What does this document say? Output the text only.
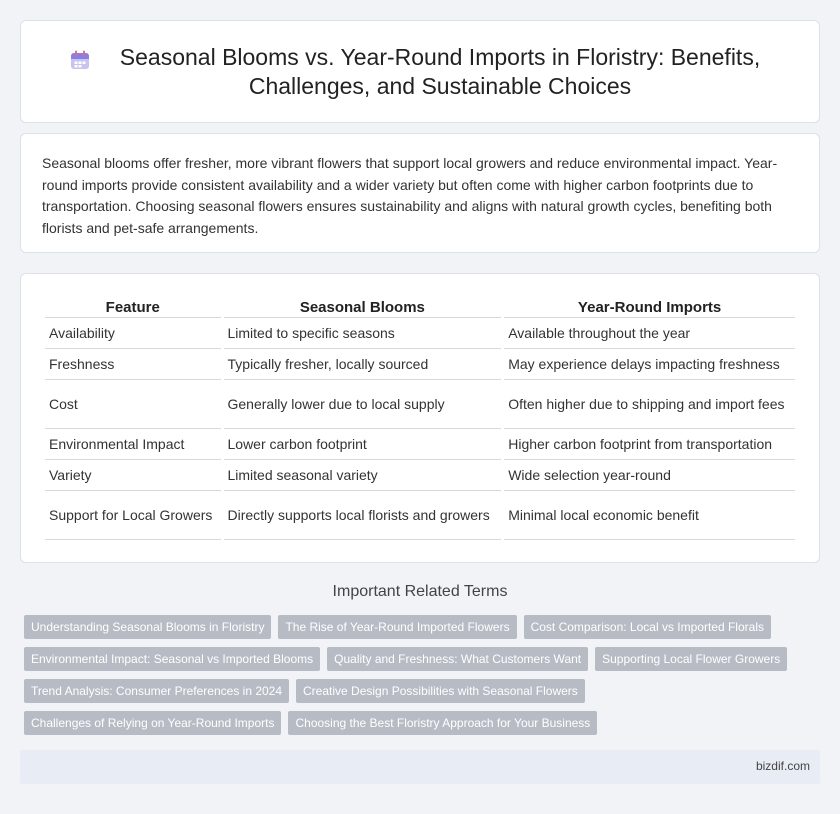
Seasonal Blooms vs. Year-Round Imports in Floristry: Benefits, Challenges, and Sustainable Choices

Seasonal blooms offer fresher, more vibrant flowers that support local growers and reduce environmental impact. Year-round imports provide consistent availability and a wider variety but often come with higher carbon footprints due to transportation. Choosing seasonal flowers ensures sustainability and aligns with natural growth cycles, benefiting both florists and pet-safe arrangements.

Feature	Seasonal Blooms	Year-Round Imports
Availability	Limited to specific seasons	Available throughout the year
Freshness	Typically fresher, locally sourced	May experience delays impacting freshness
Cost	Generally lower due to local supply	Often higher due to shipping and import fees
Environmental Impact	Lower carbon footprint	Higher carbon footprint from transportation
Variety	Limited seasonal variety	Wide selection year-round
Support for Local Growers	Directly supports local florists and growers	Minimal local economic benefit
Important Related Terms
Understanding Seasonal Blooms in Floristry	The Rise of Year-Round Imported Flowers	Cost Comparison: Local vs Imported Florals
Environmental Impact: Seasonal vs Imported Blooms	Quality and Freshness: What Customers Want	Supporting Local Flower Growers
Trend Analysis: Consumer Preferences in 2024	Creative Design Possibilities with Seasonal Flowers
Challenges of Relying on Year-Round Imports	Choosing the Best Floristry Approach for Your Business
bizdif.com
